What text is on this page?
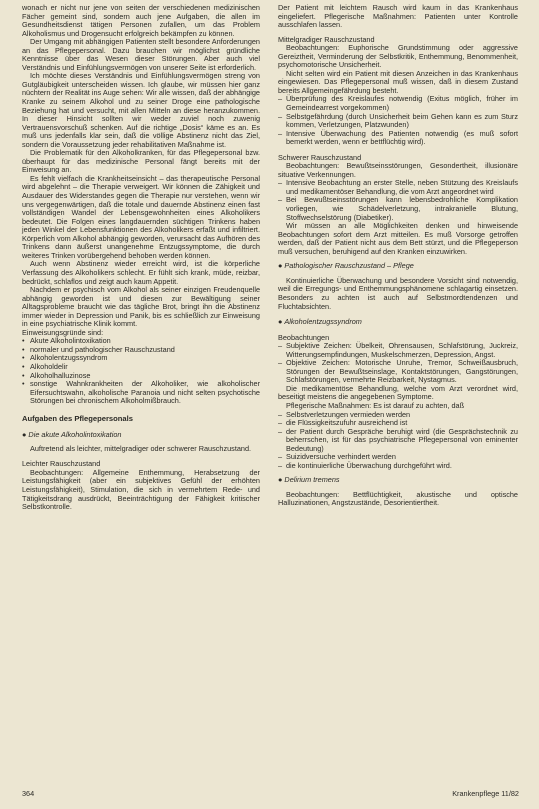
wonach er nicht nur jene von seiten der verschiedenen medizinischen Fächer gemeint sind, sondern auch jene Aufgaben, die allen im Gesundheitsdienst tätigen Personen zufallen, um das Problem Alkoholismus und Drogensucht erfolgreich bekämpfen zu können.

Der Umgang mit abhängigen Patienten stellt besondere Anforderungen an das Pflegepersonal. Dazu brauchen wir möglichst gründliche Kenntnisse über das Wesen dieser Störungen. Aber auch viel Verständnis und Einfühlungsvermögen von unserer Seite ist erforderlich.

Ich möchte dieses Verständnis und Einfühlungsvermögen streng von Gutgläubigkeit unterscheiden wissen. Ich glaube, wir müssen hier ganz nüchtern der Realität ins Auge sehen: Wir alle wissen, daß der abhängige Kranke zu seinem Alkohol und zu seiner Droge eine pathologische Beziehung hat und versucht, mit allen Mitteln an diese heranzukommen. In dieser Hinsicht sollten wir weder zuviel noch zuwenig Vertrauensvorschuß schenken. Auf die richtige „Dosis“ käme es an. Es muß uns jedenfalls klar sein, daß die völlige Abstinenz nicht das Ziel, sondern die Voraussetzung jeder rehabilitativen Maßnahme ist.

Die Problematik für den Alkoholkranken, für das Pflegepersonal bzw. überhaupt für das medizinische Personal fängt bereits mit der Einweisung an.

Es fehlt vielfach die Krankheitseinsicht – das therapeutische Personal wird abgelehnt – die Therapie verweigert. Wir können die Zähigkeit und Ausdauer des Widerstandes gegen die Therapie nur verstehen, wenn wir uns vergegenwärtigen, daß die totale und dauernde Abstinenz einen fast vollständigen Wandel der Lebensgewohnheiten eines Alkoholikers bedeutet. Die Folgen eines langdauernden süchtigen Trinkens haben jeden Winkel der Lebensfunktionen des Alkoholikers erfaßt und infiltriert. Körperlich vom Alkohol abhängig geworden, verursacht das Aufhören des Trinkens dann äußerst unangenehme Entzugssymptome, die durch weiteres Trinken vorübergehend behoben werden können.

Auch wenn Abstinenz wieder erreicht wird, ist die körperliche Verfassung des Alkoholikers schlecht. Er fühlt sich krank, müde, reizbar, bedrückt, schlaflos und zeigt auch kaum Appetit.

Nachdem er psychisch vom Alkohol als seiner einzigen Freudenquelle abhängig geworden ist und diesen zur Bewältigung seiner Alltagsprobleme braucht wie das tägliche Brot, bringt ihn die Abstinenz immer wieder in Depression und Panik, bis es schließlich zur Einweisung in eine psychiatrische Klinik kommt.

Einweisungsgründe sind:

• Akute Alkoholintoxikation
• normaler und pathologischer Rauschzustand
• Alkoholentzugssyndrom
• Alkoholdelir
• Alkoholhalluzinose
• sonstige Wahnkrankheiten der Alkoholiker, wie alkoholischer Eifersuchtswahn, alkoholische Paranoia und nicht selten psychotische Störungen bei chronischem Alkoholmißbrauch.
Aufgaben des Pflegepersonals
● Die akute Alkoholintoxikation

Auftretend als leichter, mittelgradiger oder schwerer Rauschzustand.

Leichter Rauschzustand

Beobachtungen: Allgemeine Enthemmung, Herabsetzung der Leistungsfähigkeit (aber ein subjektives Gefühl der erhöhten Leistungsfähigkeit), Stimulation, die sich in vermehrtem Rede- und Tätigkeitsdrang ausdrückt, Beeinträchtigung der Fähigkeit kritischer Selbstkontrolle.

Der Patient mit leichtem Rausch wird kaum in das Krankenhaus eingeliefert. Pflegerische Maßnahmen: Patienten unter Kontrolle ausschlafen lassen.

Mittelgradiger Rauschzustand

Beobachtungen: Euphorische Grundstimmung oder aggressive Gereiztheit, Verminderung der Selbstkritik, Enthemmung, Benommenheit, psychomotorische Unsicherheit.

Nicht selten wird ein Patient mit diesen Anzeichen in das Krankenhaus eingewiesen. Das Pflegepersonal muß wissen, daß in diesem Zustand bereits Allgemeingefährdung besteht.

– Überprüfung des Kreislaufes notwendig (Exitus möglich, früher im Gemeindearrest vorgekommen)
– Selbstgefährdung (durch Unsicherheit beim Gehen kann es zum Sturz kommen, Verletzungen, Platzwunden)
– Intensive Überwachung des Patienten notwendig (es muß sofort bemerkt werden, wenn er bettflüchtig wird).
Schwerer Rauschzustand

Beobachtungen: Bewußtseinsstörungen, Gesondertheit, illusionäre situative Verkennungen.

– Intensive Beobachtung an erster Stelle, neben Stützung des Kreislaufs und medikamentöser Behandlung, die vom Arzt angeordnet wird
– Bei Bewußtseinsstörungen kann lebensbedrohliche Komplikation vorliegen, wie Schädelverletzung, intrakranielle Blutung, Stoffwechselstörung (Diabetiker).

Wir müssen an alle Möglichkeiten denken und hinweisende Beobachtungen sofort dem Arzt mitteilen. Es muß Vorsorge getroffen werden, daß der Patient nicht aus dem Bett stürzt, und die Pflegeperson muß versuchen, beruhigend auf den Kranken einzuwirken.

● Pathologischer Rauschzustand – Pflege

Kontinuierliche Überwachung und besondere Vorsicht sind notwendig, weil die Erregungs- und Enthemmungsphänomene schlagartig einsetzen. Besonders zu achten ist auch auf Selbstmordtendenzen und Fluchtabsichten.

● Alkoholentzugssyndrom
Beobachtungen
– Subjektive Zeichen: Übelkeit, Ohrensausen, Schlafstörung, Juckreiz, Witterungsempfindungen, Muskelschmerzen, Depression, Angst.
– Objektive Zeichen: Motorische Unruhe, Tremor, Schweißausbruch, Störungen der Bewußtseinslage, Kontaktstörungen, Gangstörungen, Schlafstörungen, vermehrte Reizbarkeit, Nystagmus.

Die medikamentöse Behandlung, welche vom Arzt verordnet wird, beseitigt meistens die angegebenen Symptome.

Pflegerische Maßnahmen: Es ist darauf zu achten, daß

– Selbstverletzungen vermieden werden
– die Flüssigkeitszufuhr ausreichend ist
– der Patient durch Gespräche beruhigt wird (die Gesprächstechnik zu beherrschen, ist für das psychiatrische Pflegepersonal von eminenter Bedeutung)
– Suizidversuche verhindert werden
– die kontinuierliche Überwachung durchgeführt wird.
● Delirium tremens

Beobachtungen: Bettflüchtigkeit, akustische und optische Halluzinationen, Angstzustände, Desorientiertheit.

364	Krankenpflege 11/82
